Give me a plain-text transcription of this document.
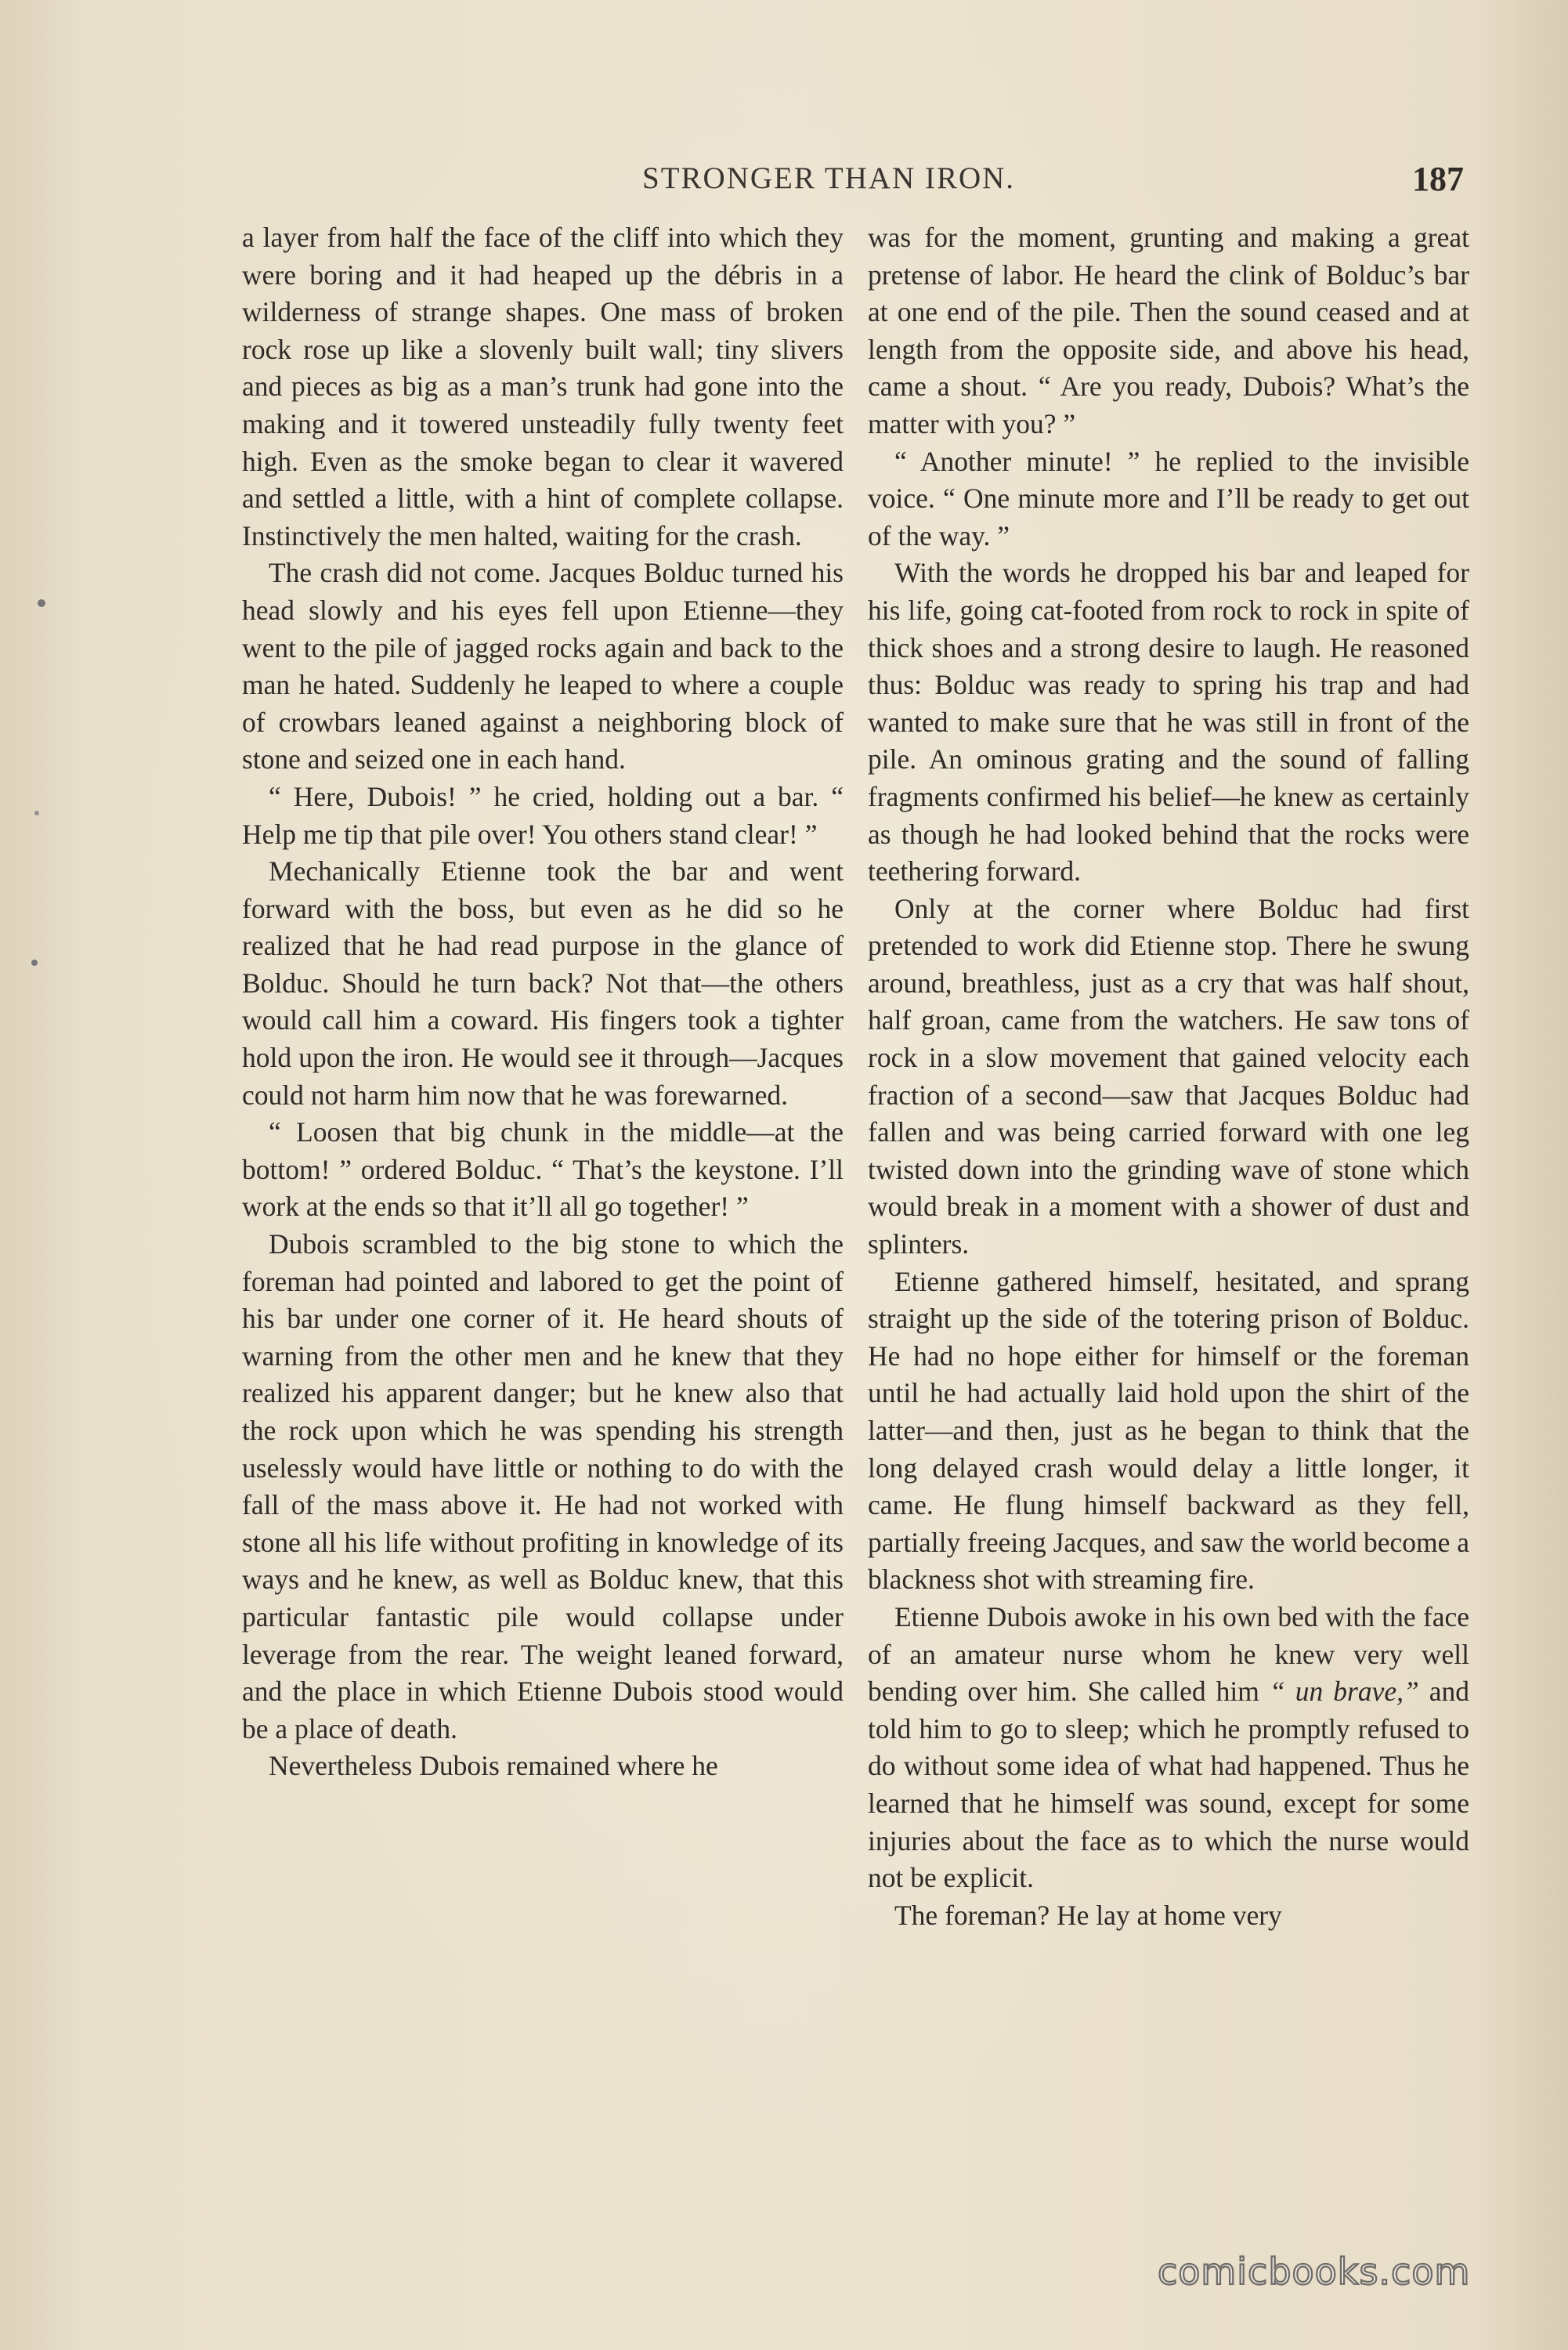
STRONGER THAN IRON.	187

a layer from half the face of the cliff into which they were boring and it had heaped up the débris in a wilderness of strange shapes. One mass of broken rock rose up like a slovenly built wall; tiny slivers and pieces as big as a man’s trunk had gone into the making and it towered unsteadily fully twenty feet high. Even as the smoke began to clear it wavered and settled a little, with a hint of complete collapse. Instinctively the men halted, waiting for the crash.

The crash did not come. Jacques Bolduc turned his head slowly and his eyes fell upon Etienne—they went to the pile of jagged rocks again and back to the man he hated. Suddenly he leaped to where a couple of crowbars leaned against a neighboring block of stone and seized one in each hand.

“ Here, Dubois! ” he cried, holding out a bar. “ Help me tip that pile over! You others stand clear! ”

Mechanically Etienne took the bar and went forward with the boss, but even as he did so he realized that he had read purpose in the glance of Bolduc. Should he turn back? Not that—the others would call him a coward. His fingers took a tighter hold upon the iron. He would see it through—Jacques could not harm him now that he was forewarned.

“ Loosen that big chunk in the middle—at the bottom! ” ordered Bolduc. “ That’s the keystone. I’ll work at the ends so that it’ll all go together! ”

Dubois scrambled to the big stone to which the foreman had pointed and labored to get the point of his bar under one corner of it. He heard shouts of warning from the other men and he knew that they realized his apparent danger; but he knew also that the rock upon which he was spending his strength uselessly would have little or nothing to do with the fall of the mass above it. He had not worked with stone all his life without profiting in knowledge of its ways and he knew, as well as Bolduc knew, that this particular fantastic pile would collapse under leverage from the rear. The weight leaned forward, and the place in which Etienne Dubois stood would be a place of death.

Nevertheless Dubois remained where he

was for the moment, grunting and making a great pretense of labor. He heard the clink of Bolduc’s bar at one end of the pile. Then the sound ceased and at length from the opposite side, and above his head, came a shout. “ Are you ready, Dubois? What’s the matter with you? ”

“ Another minute! ” he replied to the invisible voice. “ One minute more and I’ll be ready to get out of the way. ”

With the words he dropped his bar and leaped for his life, going cat-footed from rock to rock in spite of thick shoes and a strong desire to laugh. He reasoned thus: Bolduc was ready to spring his trap and had wanted to make sure that he was still in front of the pile. An ominous grating and the sound of falling fragments confirmed his belief—he knew as certainly as though he had looked behind that the rocks were teethering forward.

Only at the corner where Bolduc had first pretended to work did Etienne stop. There he swung around, breathless, just as a cry that was half shout, half groan, came from the watchers. He saw tons of rock in a slow movement that gained velocity each fraction of a second—saw that Jacques Bolduc had fallen and was being carried forward with one leg twisted down into the grinding wave of stone which would break in a moment with a shower of dust and splinters.

Etienne gathered himself, hesitated, and sprang straight up the side of the totering prison of Bolduc. He had no hope either for himself or the foreman until he had actually laid hold upon the shirt of the latter—and then, just as he began to think that the long delayed crash would delay a little longer, it came. He flung himself backward as they fell, partially freeing Jacques, and saw the world become a blackness shot with streaming fire.

Etienne Dubois awoke in his own bed with the face of an amateur nurse whom he knew very well bending over him. She called him “ un brave,” and told him to go to sleep; which he promptly refused to do without some idea of what had happened. Thus he learned that he himself was sound, except for some injuries about the face as to which the nurse would not be explicit.

The foreman? He lay at home very

comicbooks.com
